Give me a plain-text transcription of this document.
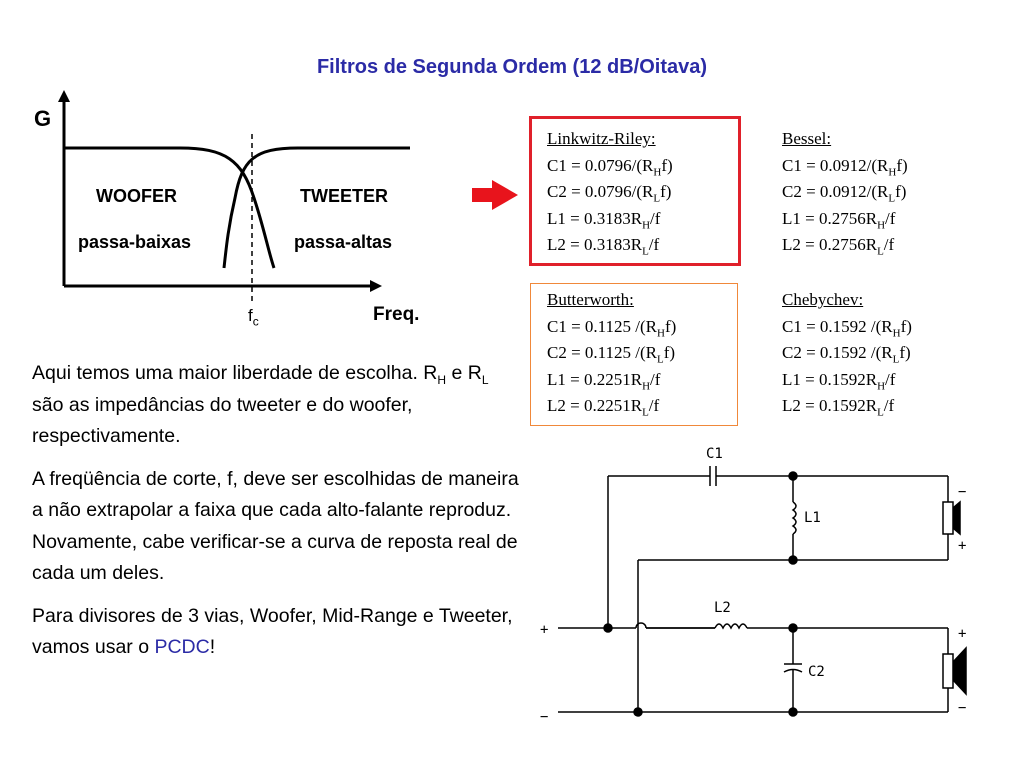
Filtros de Segunda Ordem (12 dB/Oitava)
G
Freq.
WOOFER
passa-baixas
TWEETER
passa-altas
$f_c$
Linkwitz-Riley:
$C1 = 0.0796/(R_Hf)$
$C2 = 0.0796/(R_Lf)$
$L1 = 0.3183R_H/f$
$L2 = 0.3183R_L/f$
Bessel:
$C1 = 0.0912/(R_Hf)$
$C2 = 0.0912/(R_Lf)$
$L1 = 0.2756R_H/f$
$L2 = 0.2756R_L/f$
Butterworth:
C1 = 0.1125 $/(R_Hf)$
C2 = 0.1125 $/(R_Lf)$
$L1 = 0.2251R_H/f$
$L2 = 0.2251R_L/f$
Chebychev:
C1 = 0.1592 $/(R_Hf)$
C2 = 0.1592 $/(R_Lf)$
$L1 = 0.1592R_H/f$
$L2 = 0.1592R_L/f$

Aqui temos uma maior liberdade de escolha. $R_H$ e $R_L$ são as impedâncias do tweeter e do woofer, respectivamente.

A freqüência de corte, f, deve ser escolhidas de maneira a não extrapolar a faixa que cada alto-falante reproduz. Novamente, cabe verificar-se a curva de reposta real de cada um deles.

Para divisores de 3 vias, Woofer, Mid-Range e Tweeter, vamos usar o PCDC!

+
−
C1
L1
−
+
L2
C2
+
−
